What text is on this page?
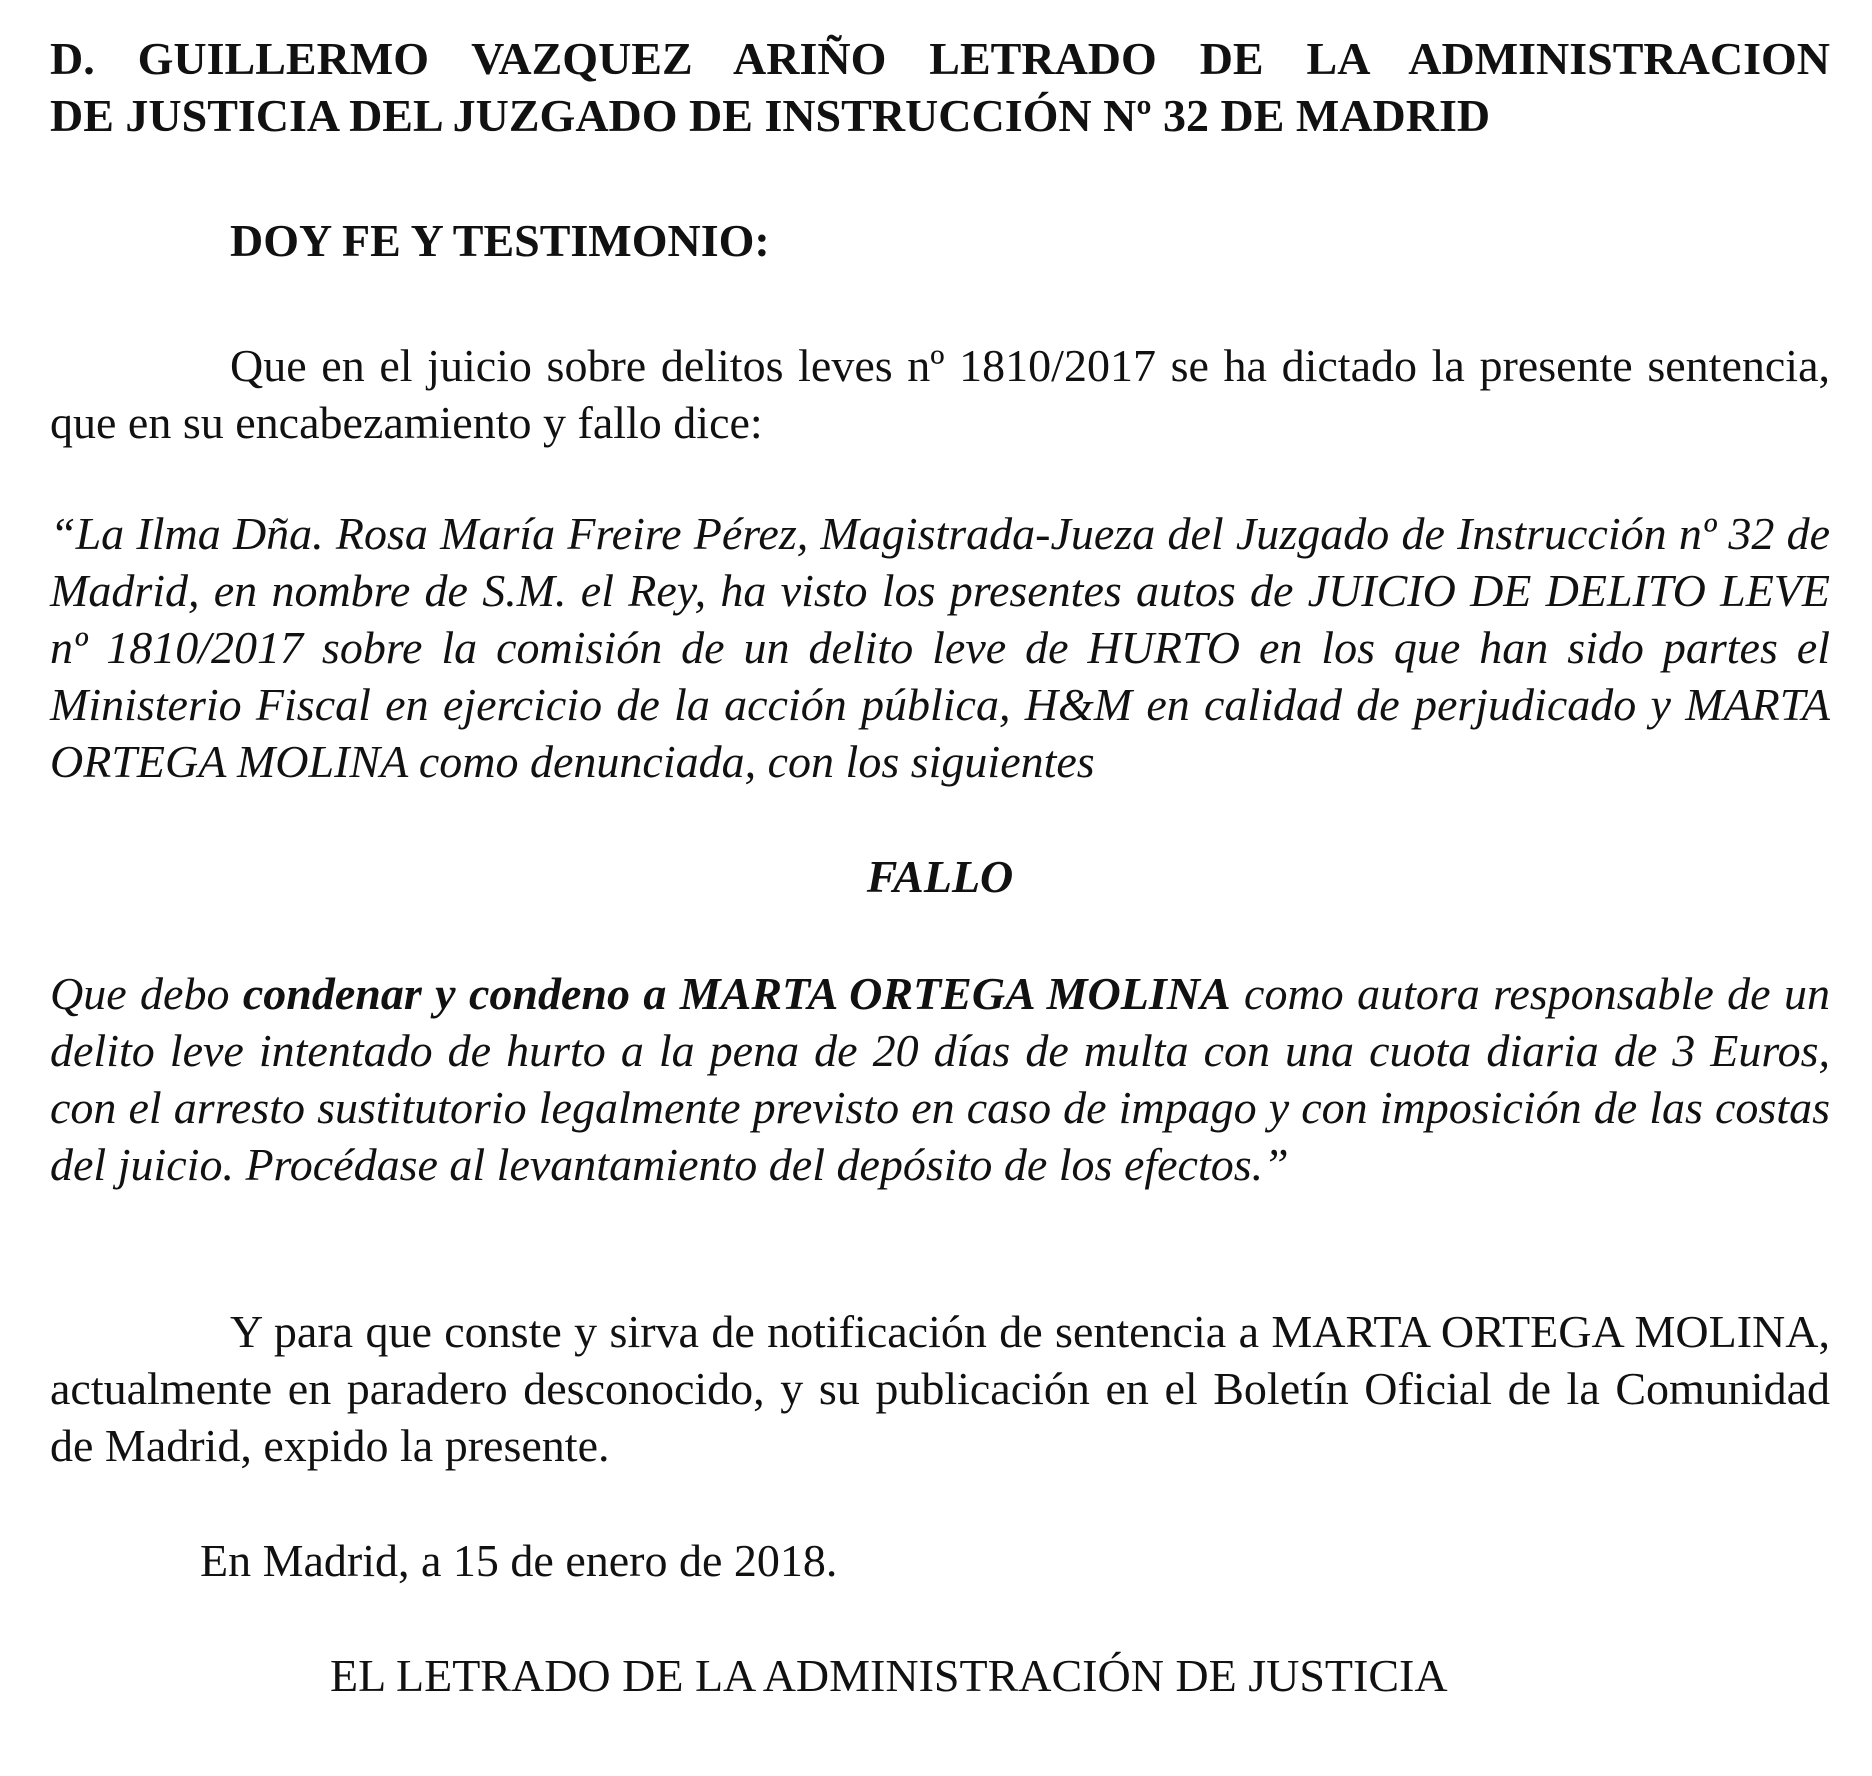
D. GUILLERMO VAZQUEZ ARIÑO LETRADO DE LA ADMINISTRACION
DE JUSTICIA DEL JUZGADO DE INSTRUCCIÓN Nº 32 DE MADRID

DOY FE Y TESTIMONIO:

Que en el juicio sobre delitos leves nº 1810/2017 se ha dictado la presente sentencia, que en su encabezamiento y fallo dice:

“La Ilma Dña. Rosa María Freire Pérez, Magistrada-Jueza del Juzgado de Instrucción nº 32 de Madrid, en nombre de S.M. el Rey, ha visto los presentes autos de JUICIO DE DELITO LEVE nº 1810/2017 sobre la comisión de un delito leve de HURTO en los que han sido partes el Ministerio Fiscal en ejercicio de la acción pública, H&M en calidad de perjudicado y MARTA ORTEGA MOLINA como denunciada, con los siguientes

FALLO

Que debo condenar y condeno a MARTA ORTEGA MOLINA como autora responsable de un delito leve intentado de hurto a la pena de 20 días de multa con una cuota diaria de 3 Euros, con el arresto sustitutorio legalmente previsto en caso de impago y con imposición de las costas del juicio. Procédase al levantamiento del depósito de los efectos.”

Y para que conste y sirva de notificación de sentencia a MARTA ORTEGA MOLINA, actualmente en paradero desconocido, y su publicación en el Boletín Oficial de la Comunidad de Madrid, expido la presente.

En Madrid, a 15 de enero de 2018.

EL LETRADO DE LA ADMINISTRACIÓN DE JUSTICIA
